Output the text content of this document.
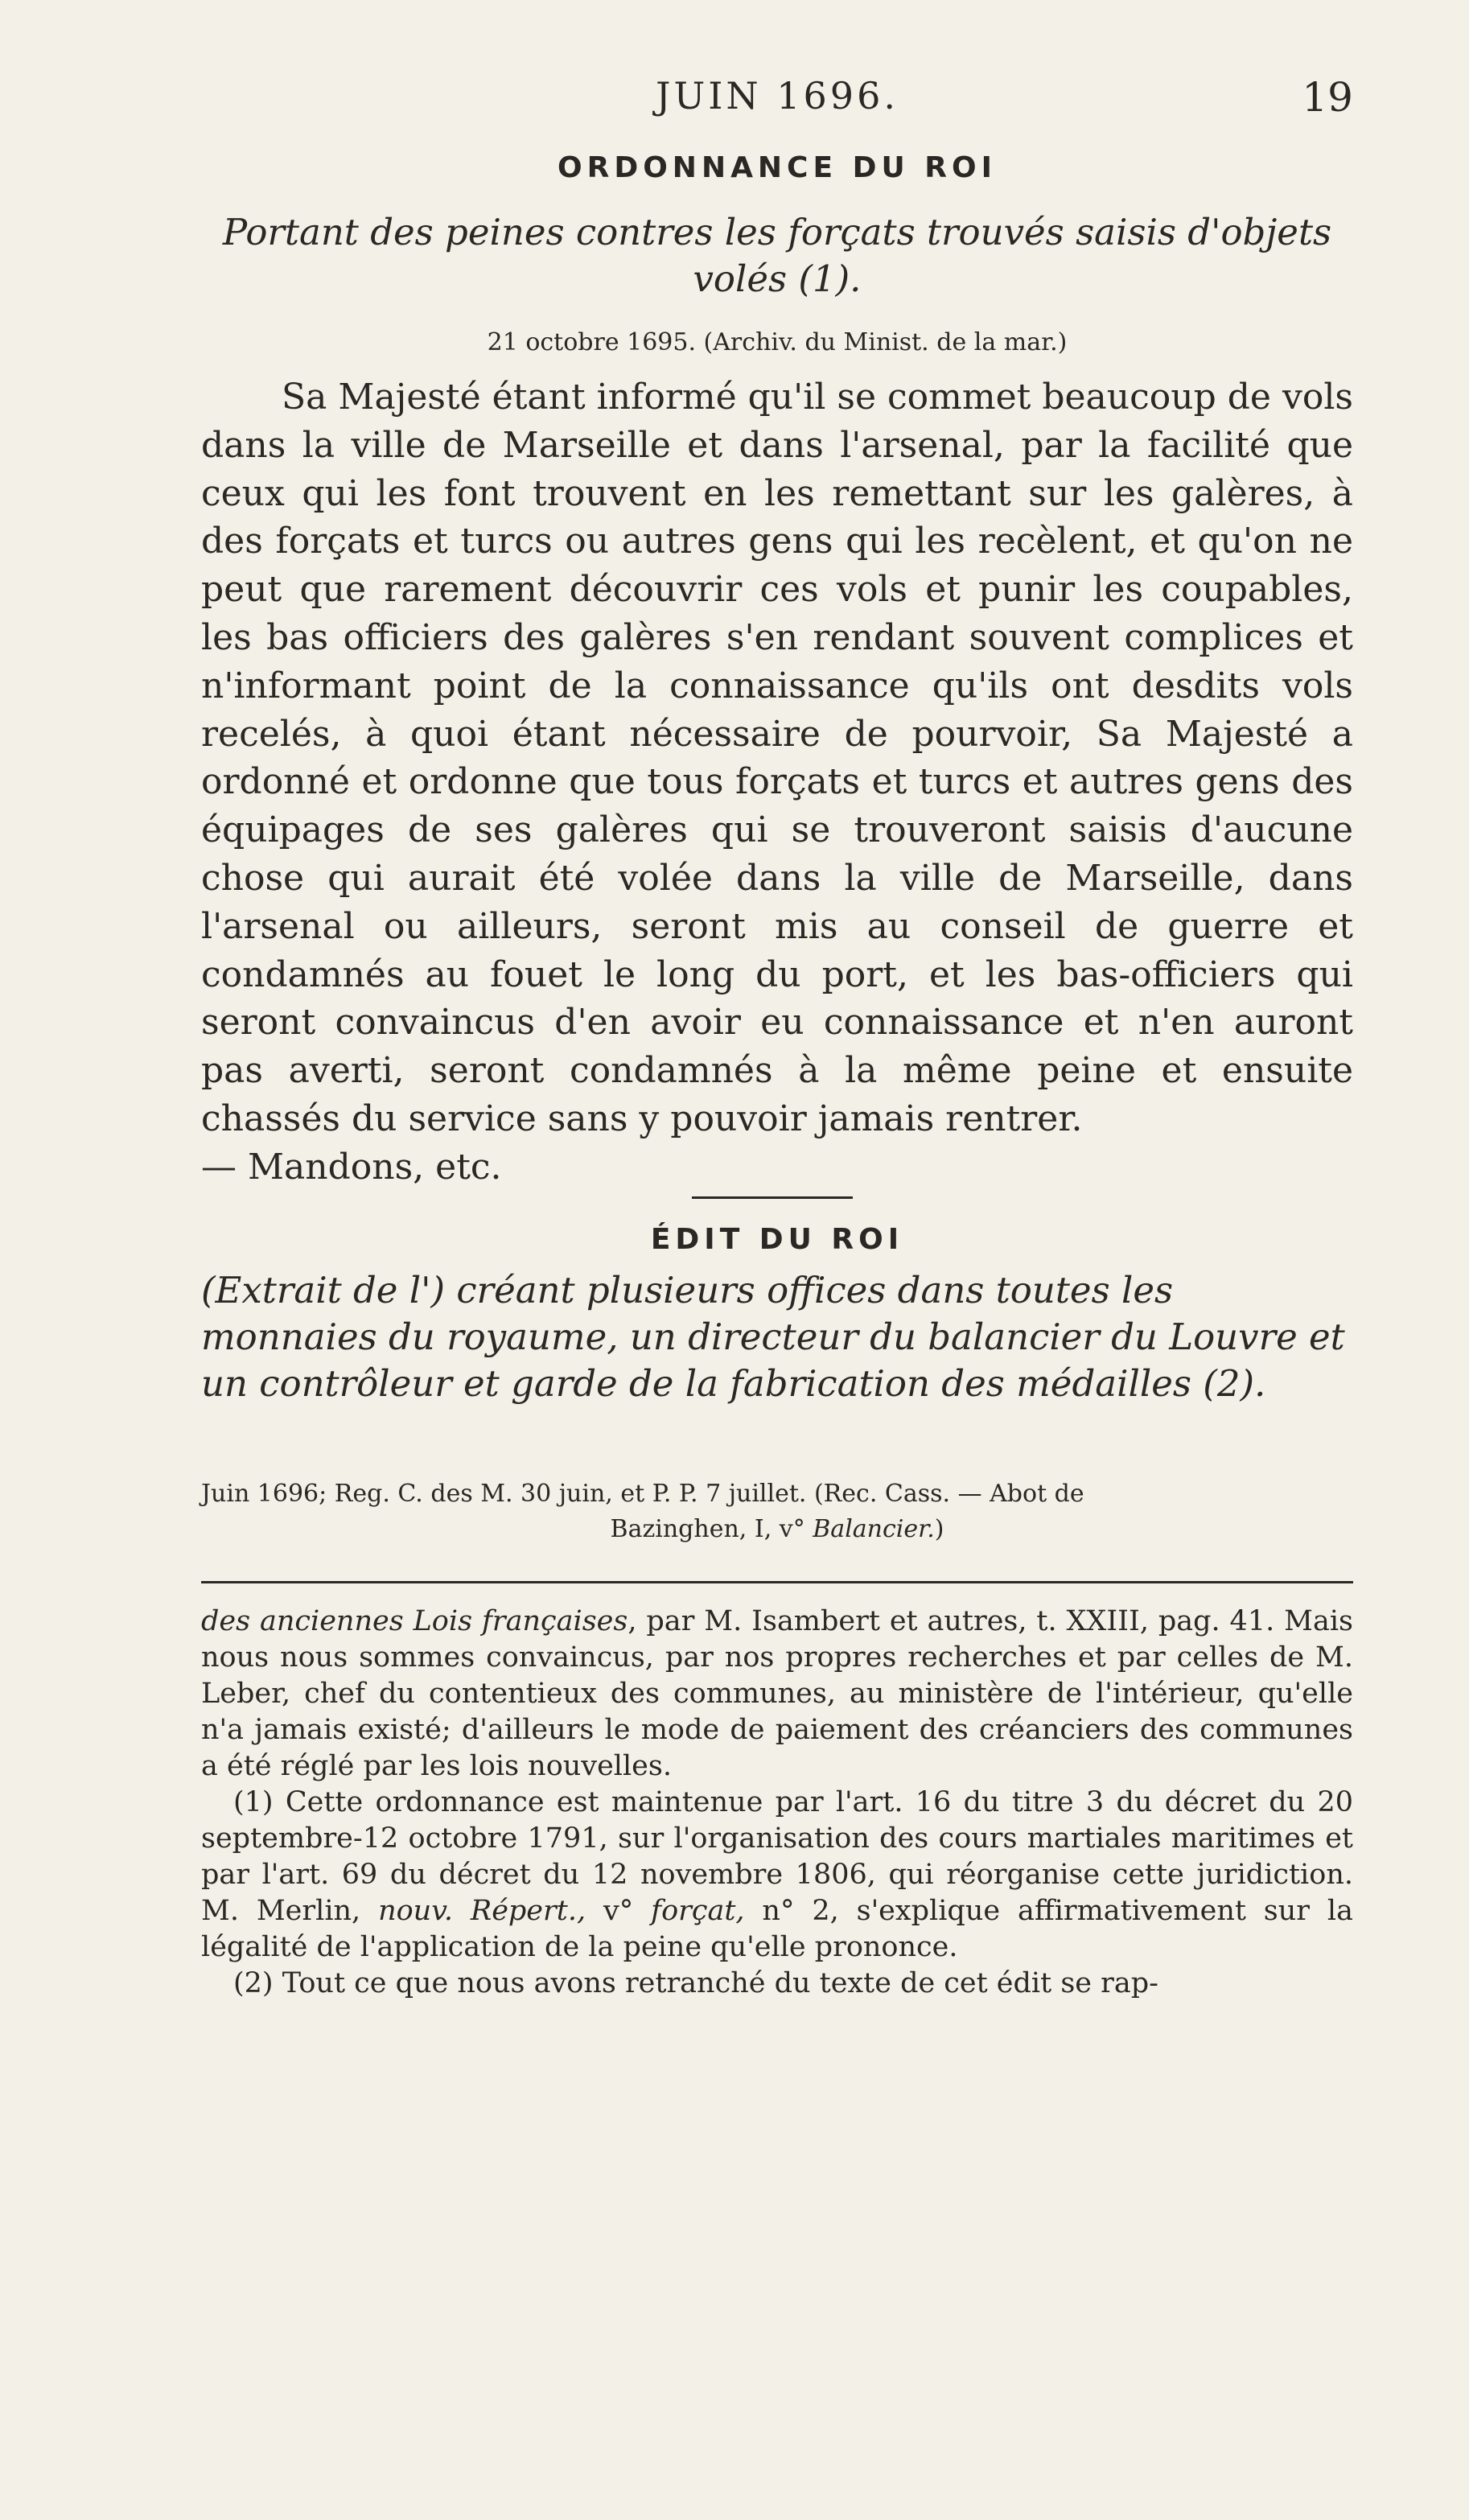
JUIN 1696.	19
ORDONNANCE DU ROI
Portant des peines contres les forçats trouvés saisis d'objets volés (1).
21 octobre 1695. (Archiv. du Minist. de la mar.)
Sa Majesté étant informé qu'il se commet beaucoup de vols dans la ville de Marseille et dans l'arsenal, par la facilité que ceux qui les font trouvent en les remettant sur les galères, à des forçats et turcs ou autres gens qui les recèlent, et qu'on ne peut que rarement découvrir ces vols et punir les coupables, les bas officiers des galères s'en rendant souvent complices et n'informant point de la connaissance qu'ils ont desdits vols recelés, à quoi étant nécessaire de pourvoir, Sa Majesté a ordonné et ordonne que tous forçats et turcs et autres gens des équipages de ses galères qui se trouveront saisis d'aucune chose qui aurait été volée dans la ville de Marseille, dans l'arsenal ou ailleurs, seront mis au conseil de guerre et condamnés au fouet le long du port, et les bas-officiers qui seront convaincus d'en avoir eu connaissance et n'en auront pas averti, seront condamnés à la même peine et ensuite chassés du service sans y pouvoir jamais rentrer.
— Mandons, etc.
ÉDIT DU ROI
(Extrait de l') créant plusieurs offices dans toutes les monnaies du royaume, un directeur du balancier du Louvre et un contrôleur et garde de la fabrication des médailles (2).
Juin 1696; Reg. C. des M. 30 juin, et P. P. 7 juillet. (Rec. Cass. — Abot de
Bazinghen, I, v° Balancier.)

des anciennes Lois françaises, par M. Isambert et autres, t. XXIII, pag. 41. Mais nous nous sommes convaincus, par nos propres recherches et par celles de M. Leber, chef du contentieux des communes, au ministère de l'intérieur, qu'elle n'a jamais existé; d'ailleurs le mode de paiement des créanciers des communes a été réglé par les lois nouvelles.

(1) Cette ordonnance est maintenue par l'art. 16 du titre 3 du décret du 20 septembre-12 octobre 1791, sur l'organisation des cours martiales maritimes et par l'art. 69 du décret du 12 novembre 1806, qui réorganise cette juridiction. M. Merlin, nouv. Répert., v° forçat, n° 2, s'explique affirmativement sur la légalité de l'application de la peine qu'elle prononce.

(2) Tout ce que nous avons retranché du texte de cet édit se rap-
